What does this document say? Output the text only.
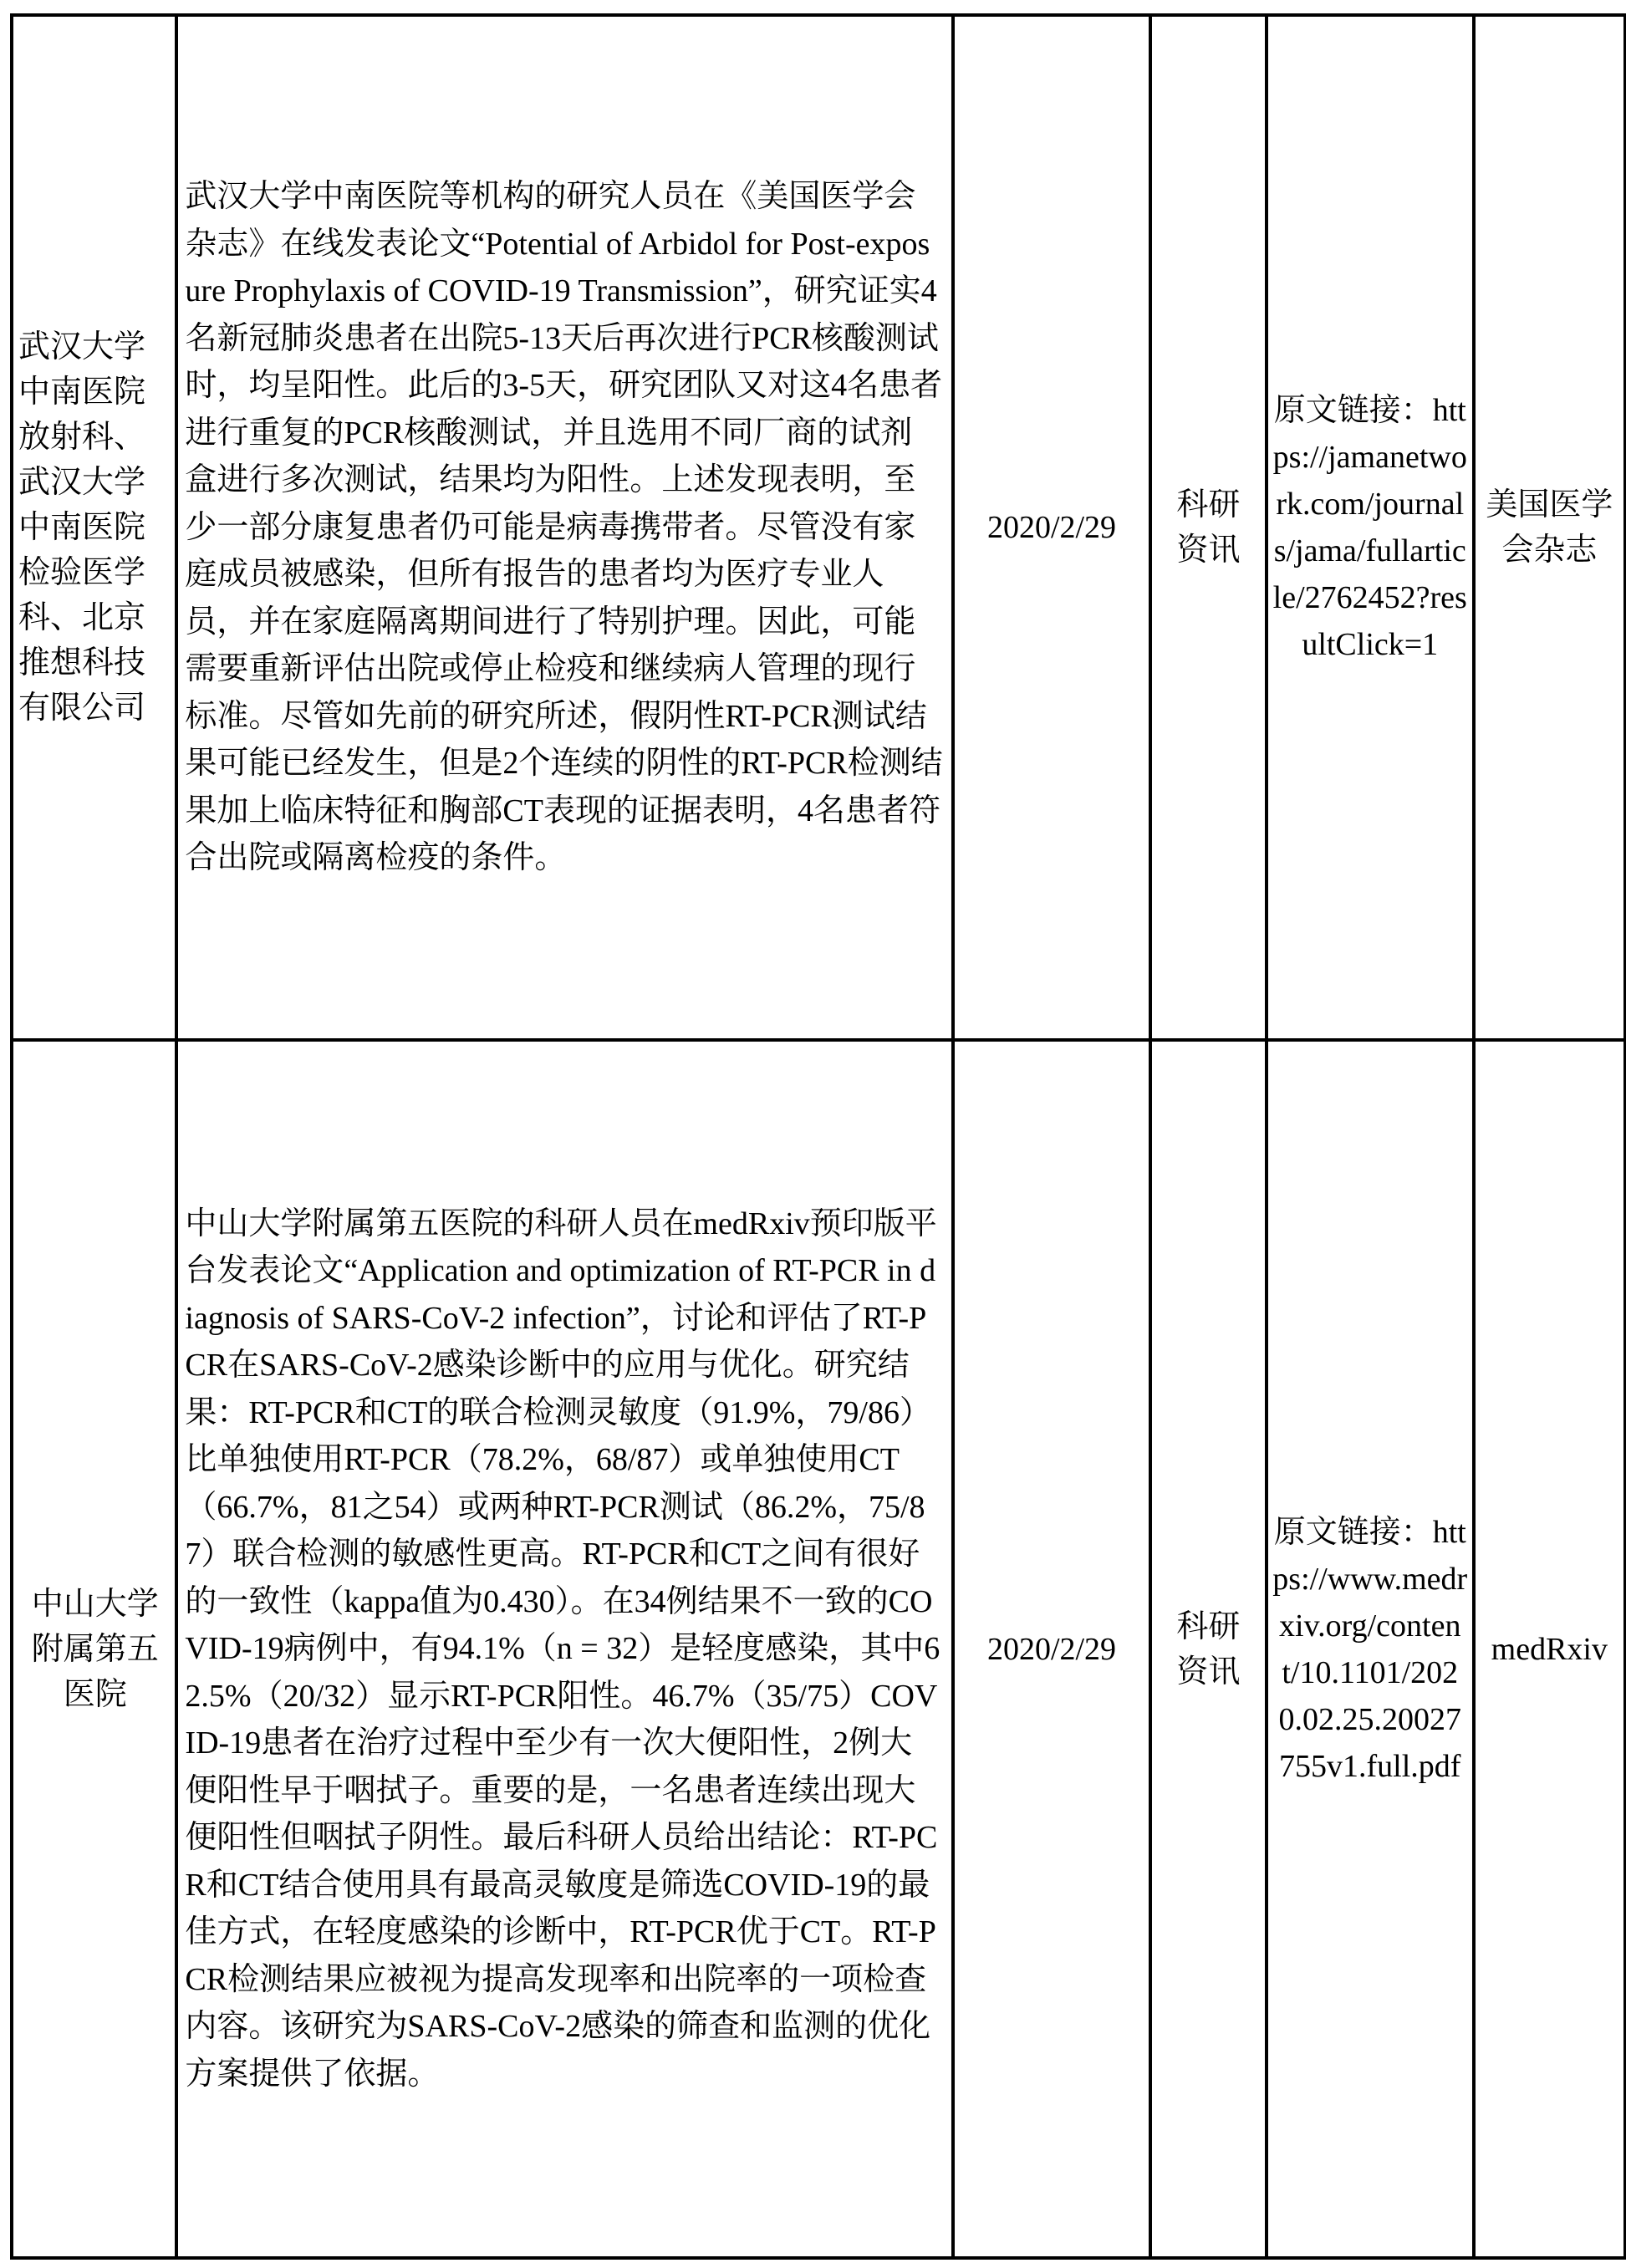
武汉大学中南医院放射科、武汉大学中南医院检验医学科、北京推想科技有限公司	武汉大学中南医院等机构的研究人员在《美国医学会杂志》在线发表论文“Potential of Arbidol for Post-exposure Prophylaxis of COVID-19 Transmission”，研究证实4名新冠肺炎患者在出院5-13天后再次进行PCR核酸测试时，均呈阳性。此后的3-5天，研究团队又对这4名患者进行重复的PCR核酸测试，并且选用不同厂商的试剂盒进行多次测试，结果均为阳性。上述发现表明，至少一部分康复患者仍可能是病毒携带者。尽管没有家庭成员被感染，但所有报告的患者均为医疗专业人员，并在家庭隔离期间进行了特别护理。因此，可能需要重新评估出院或停止检疫和继续病人管理的现行标准。尽管如先前的研究所述，假阴性RT-PCR测试结果可能已经发生，但是2个连续的阴性的RT-PCR检测结果加上临床特征和胸部CT表现的证据表明，4名患者符合出院或隔离检疫的条件。	2020/2/29	科研资讯	原文链接：https://jamanetwork.com/journals/jama/fullarticle/2762452?resultClick=1	美国医学会杂志

中山大学附属第五医院	中山大学附属第五医院的科研人员在medRxiv预印版平台发表论文“Application and optimization of RT-PCR in diagnosis of SARS-CoV-2 infection”，讨论和评估了RT-PCR在SARS-CoV-2感染诊断中的应用与优化。研究结果：RT-PCR和CT的联合检测灵敏度（91.9%，79/86）比单独使用RT-PCR（78.2%，68/87）或单独使用CT（66.7%，81之54）或两种RT-PCR测试（86.2%，75/87）联合检测的敏感性更高。RT-PCR和CT之间有很好的一致性（kappa值为0.430）。在34例结果不一致的COVID-19病例中，有94.1%（n = 32）是轻度感染，其中62.5%（20/32）显示RT-PCR阳性。46.7%（35/75）COVID-19患者在治疗过程中至少有一次大便阳性，2例大便阳性早于咽拭子。重要的是，一名患者连续出现大便阳性但咽拭子阴性。最后科研人员给出结论：RT-PCR和CT结合使用具有最高灵敏度是筛选COVID-19的最佳方式，在轻度感染的诊断中，RT-PCR优于CT。RT-PCR检测结果应被视为提高发现率和出院率的一项检查内容。该研究为SARS-CoV-2感染的筛查和监测的优化方案提供了依据。	2020/2/29	科研资讯	原文链接：https://www.medrxiv.org/content/10.1101/2020.02.25.20027755v1.full.pdf	medRxiv
